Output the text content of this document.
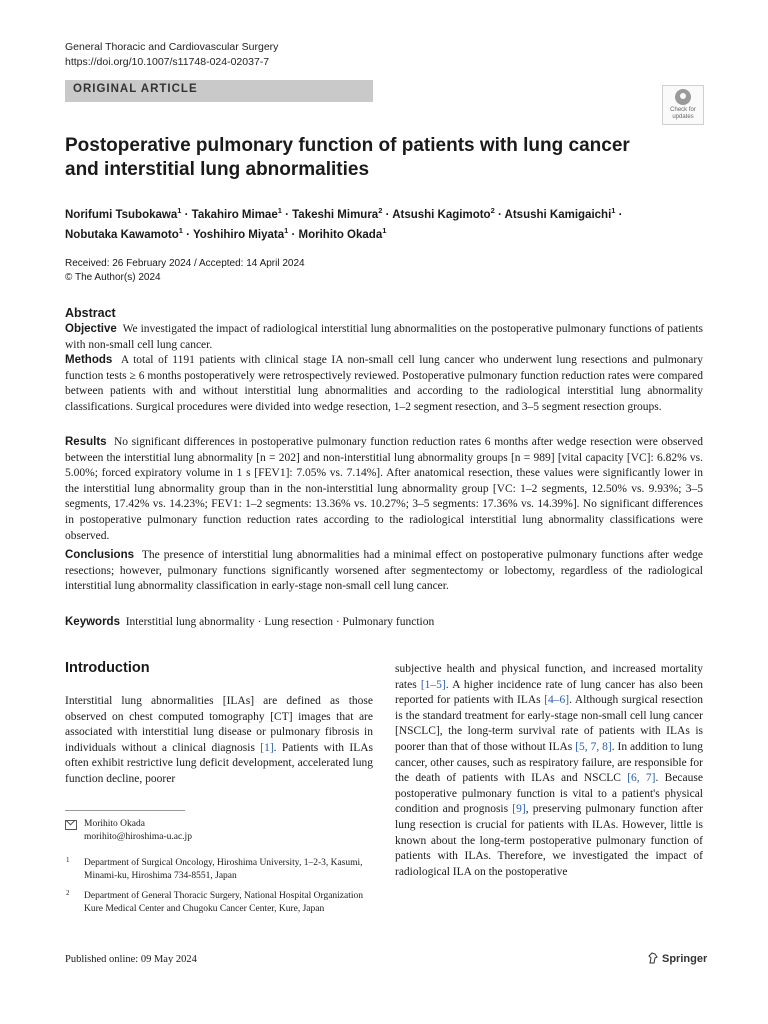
General Thoracic and Cardiovascular Surgery
https://doi.org/10.1007/s11748-024-02037-7
ORIGINAL ARTICLE
Check for
updates
Postoperative pulmonary function of patients with lung cancer and interstitial lung abnormalities
Norifumi Tsubokawa$^1$ · Takahiro Mimae$^1$ · Takeshi Mimura$^2$ · Atsushi Kagimoto$^2$ · Atsushi Kamigaichi$^1$ ·
Nobutaka Kawamoto$^1$ · Yoshihiro Miyata$^1$ · Morihito Okada$^1$
Received: 26 February 2024 / Accepted: 14 April 2024
© The Author(s) 2024
Abstract
Objective We investigated the impact of radiological interstitial lung abnormalities on the postoperative pulmonary functions of patients with non-small cell lung cancer.
Methods A total of 1191 patients with clinical stage IA non-small cell lung cancer who underwent lung resections and pulmonary function tests ≥ 6 months postoperatively were retrospectively reviewed. Postoperative pulmonary function reduction rates were compared between patients with and without interstitial lung abnormalities and according to the radiological interstitial lung abnormality classifications. Surgical procedures were divided into wedge resection, 1–2 segment resection, and 3–5 segment resection groups.
Results No significant differences in postoperative pulmonary function reduction rates 6 months after wedge resection were observed between the interstitial lung abnormality [n = 202] and non-interstitial lung abnormality groups [n = 989] [vital capacity [VC]: 6.82% vs. 5.00%; forced expiratory volume in 1 s [FEV1]: 7.05% vs. 7.14%]. After anatomical resection, these values were significantly lower in the interstitial lung abnormality group than in the non-interstitial lung abnormality group [VC: 1–2 segments, 12.50% vs. 9.93%; 3–5 segments, 17.42% vs. 14.23%; FEV1: 1–2 segments: 13.36% vs. 10.27%; 3–5 segments: 17.36% vs. 14.39%]. No significant differences in postoperative pulmonary function reduction rates according to the radiological interstitial lung abnormality classifications were observed.
Conclusions The presence of interstitial lung abnormalities had a minimal effect on postoperative pulmonary functions after wedge resections; however, pulmonary functions significantly worsened after segmentectomy or lobectomy, regardless of the radiological interstitial lung abnormality classification in early-stage non-small cell lung cancer.
Keywords Interstitial lung abnormality · Lung resection · Pulmonary function
Introduction
Interstitial lung abnormalities [ILAs] are defined as those observed on chest computed tomography [CT] images that are associated with interstitial lung disease or pulmonary fibrosis in individuals without a clinical diagnosis [1]. Patients with ILAs often exhibit restrictive lung deficit development, accelerated lung function decline, poorer
subjective health and physical function, and increased mortality rates [1–5]. A higher incidence rate of lung cancer has also been reported for patients with ILAs [4–6]. Although surgical resection is the standard treatment for early-stage non-small cell lung cancer [NSCLC], the long-term survival rate of patients with ILAs is poorer than that of those without ILAs [5, 7, 8]. In addition to lung cancer, other causes, such as respiratory failure, are responsible for the death of patients with ILAs and NSCLC [6, 7]. Because postoperative pulmonary function is vital to a patient's physical condition and prognosis [9], preserving pulmonary function after lung resection is crucial for patients with ILAs. However, little is known about the long-term postoperative pulmonary function of patients with ILAs. Therefore, we investigated the impact of radiological ILA on the postoperative
Morihito Okada
morihito@hiroshima-u.ac.jp
1 Department of Surgical Oncology, Hiroshima University, 1–2-3, Kasumi, Minami-ku, Hiroshima 734-8551, Japan
2 Department of General Thoracic Surgery, National Hospital Organization Kure Medical Center and Chugoku Cancer Center, Kure, Japan
Published online: 09 May 2024	Springer
